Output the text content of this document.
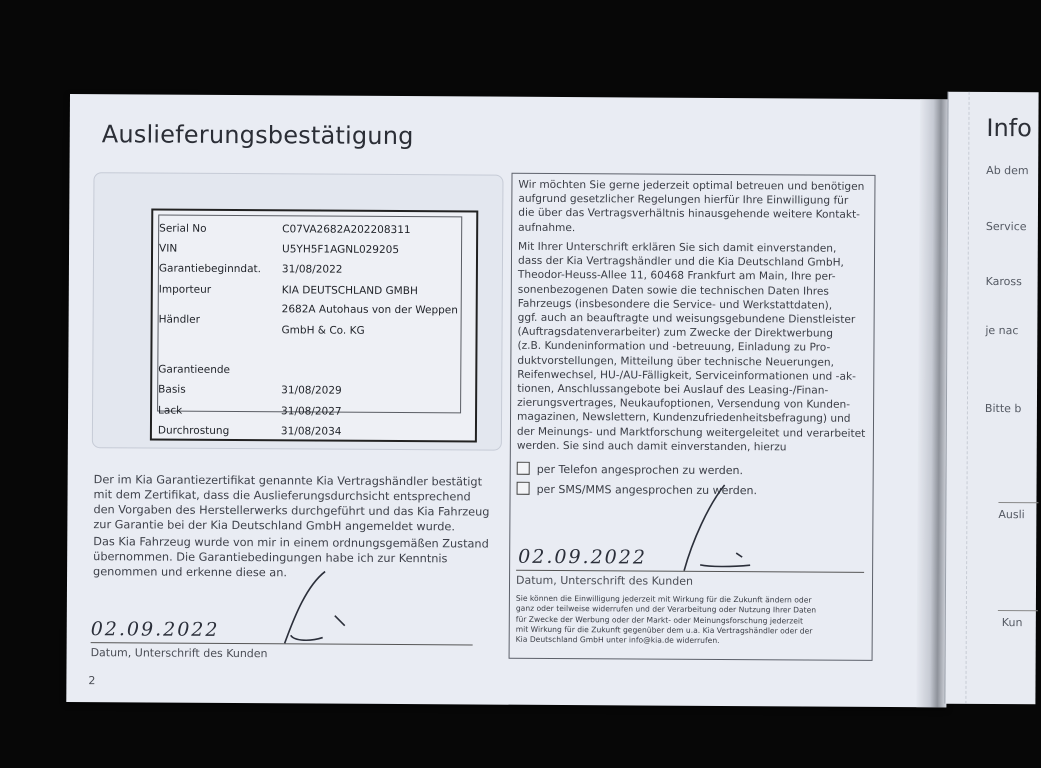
Auslieferungsbestätigung
Serial No	C07VA2682A202208311
VIN	U5YH5F1AGNL029205
Garantiebeginndat. 31/08/2022
Importeur	KIA DEUTSCHLAND GMBH
Händler
2682A Autohaus von der Weppen
GmbH & Co. KG
Garantieende
Basis	31/08/2029
Lack	31/08/2027
Durchrostung	31/08/2034
Der im Kia Garantiezertifikat genannte Kia Vertragshändler bestätigt
mit dem Zertifikat, dass die Auslieferungsdurchsicht entsprechend
den Vorgaben des Herstellerwerks durchgeführt und das Kia Fahrzeug
zur Garantie bei der Kia Deutschland GmbH angemeldet wurde.
Das Kia Fahrzeug wurde von mir in einem ordnungsgemäßen Zustand
übernommen. Die Garantiebedingungen habe ich zur Kenntnis
genommen und erkenne diese an.
02.09.2022
Datum, Unterschrift des Kunden
2
Wir möchten Sie gerne jederzeit optimal betreuen und benötigen
aufgrund gesetzlicher Regelungen hierfür Ihre Einwilligung für
die über das Vertragsverhältnis hinausgehende weitere Kontakt-
aufnahme.
Mit Ihrer Unterschrift erklären Sie sich damit einverstanden,
dass der Kia Vertragshändler und die Kia Deutschland GmbH,
Theodor-Heuss-Allee 11, 60468 Frankfurt am Main, Ihre per-
sonenbezogenen Daten sowie die technischen Daten Ihres
Fahrzeugs (insbesondere die Service- und Werkstattdaten),
ggf. auch an beauftragte und weisungsgebundene Dienstleister
(Auftragsdatenverarbeiter) zum Zwecke der Direktwerbung
(z.B. Kundeninformation und -betreuung, Einladung zu Pro-
duktvorstellungen, Mitteilung über technische Neuerungen,
Reifenwechsel, HU-/AU-Fälligkeit, Serviceinformationen und -ak-
tionen, Anschlussangebote bei Auslauf des Leasing-/Finan-
zierungsvertrages, Neukaufoptionen, Versendung von Kunden-
magazinen, Newslettern, Kundenzufriedenheitsbefragung) und
der Meinungs- und Marktforschung weitergeleitet und verarbeitet
werden. Sie sind auch damit einverstanden, hierzu
per Telefon angesprochen zu werden.
per SMS/MMS angesprochen zu werden.
02.09.2022
Datum, Unterschrift des Kunden
Sie können die Einwilligung jederzeit mit Wirkung für die Zukunft ändern oder
ganz oder teilweise widerrufen und der Verarbeitung oder Nutzung Ihrer Daten
für Zwecke der Werbung oder der Markt- oder Meinungsforschung jederzeit
mit Wirkung für die Zukunft gegenüber dem u.a. Kia Vertragshändler oder der
Kia Deutschland GmbH unter info@kia.de widerrufen.
Info
Ab dem
Service
Kaross
je nac
Bitte b
Ausli
Kun
